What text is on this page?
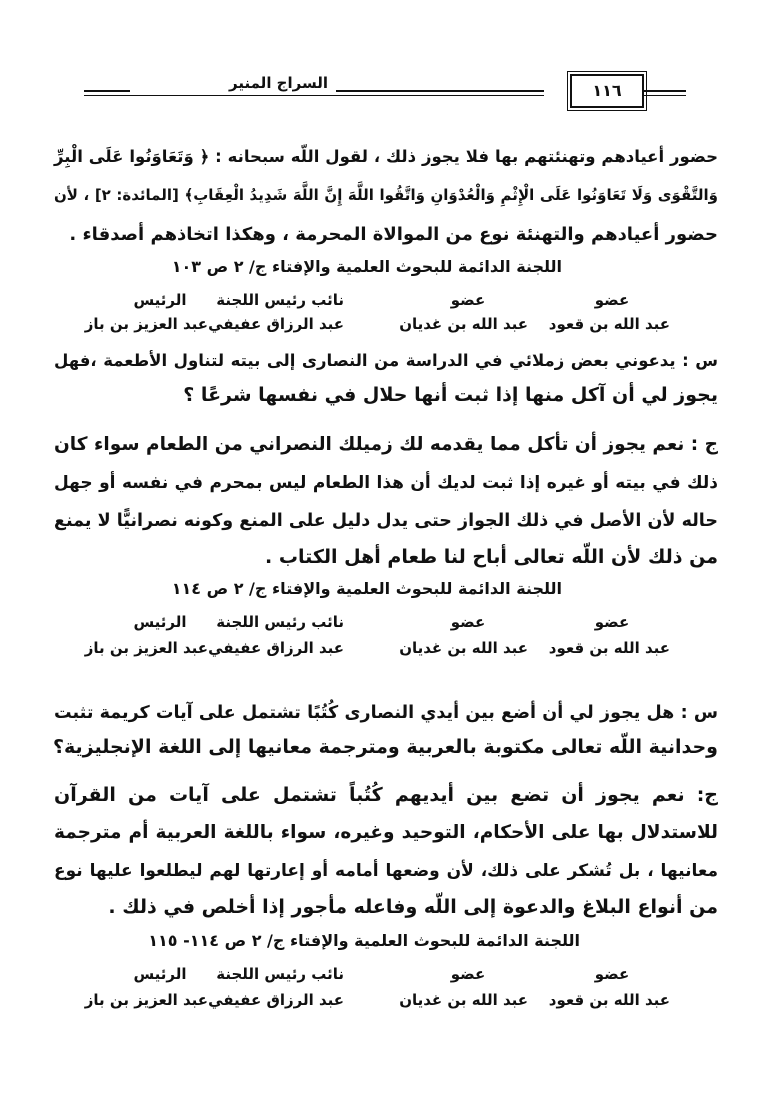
١١٦
السراج المنير
حضور أعيادهم وتهنئتهم بها فلا يجوز ذلك ، لقول اللّه سبحانه : ﴿ وَتَعَاوَنُوا عَلَى الْبِرِّ
وَالتَّقْوَى وَلَا تَعَاوَنُوا عَلَى الْإِثْمِ وَالْعُدْوَانِ وَاتَّقُوا اللَّهَ إِنَّ اللَّهَ شَدِيدُ الْعِقَابِ﴾ [المائدة: ٢] ، لأن
حضور أعيادهم والتهنئة نوع من الموالاة المحرمة ، وهكذا اتخاذهم أصدقاء .
اللجنة الدائمة للبحوث العلمية والإفتاء ج/ ٢ ص ١٠٣
عضو
عضو
نائب رئيس اللجنة
الرئيس
عبد الله بن قعود
عبد الله بن غديان
عبد الرزاق عفيفي
عبد العزيز بن باز
س : يدعوني بعض زملائي في الدراسة من النصارى إلى بيته لتناول الأطعمة ،فهل
يجوز لي أن آكل منها إذا ثبت أنها حلال في نفسها شرعًا ؟
ج : نعم يجوز أن تأكل مما يقدمه لك زميلك النصراني من الطعام سواء كان
ذلك في بيته أو غيره إذا ثبت لديك أن هذا الطعام ليس بمحرم في نفسه أو جهل
حاله لأن الأصل في ذلك الجواز حتى يدل دليل على المنع وكونه نصرانيًّا لا يمنع
من ذلك لأن اللّه تعالى أباح لنا طعام أهل الكتاب .
اللجنة الدائمة للبحوث العلمية والإفتاء ج/ ٢ ص ١١٤
عضو
عضو
نائب رئيس اللجنة
الرئيس
عبد الله بن قعود
عبد الله بن غديان
عبد الرزاق عفيفي
عبد العزيز بن باز
س : هل يجوز لي أن أضع بين أيدي النصارى كُتُبًا تشتمل على آيات كريمة تثبت
وحدانية اللّه تعالى مكتوبة بالعربية ومترجمة معانيها إلى اللغة الإنجليزية؟
ج: نعم يجوز أن تضع بين أيديهم كُتُباً تشتمل على آيات من القرآن
للاستدلال بها على الأحكام، التوحيد وغيره، سواء باللغة العربية أم مترجمة
معانيها ، بل تُشكر على ذلك، لأن وضعها أمامه أو إعارتها لهم ليطلعوا عليها نوع
من أنواع البلاغ والدعوة إلى اللّه وفاعله مأجور إذا أخلص في ذلك .
اللجنة الدائمة للبحوث العلمية والإفتاء ج/ ٢ ص ١١٤- ١١٥
عضو
عضو
نائب رئيس اللجنة
الرئيس
عبد الله بن قعود
عبد الله بن غديان
عبد الرزاق عفيفي
عبد العزيز بن باز
